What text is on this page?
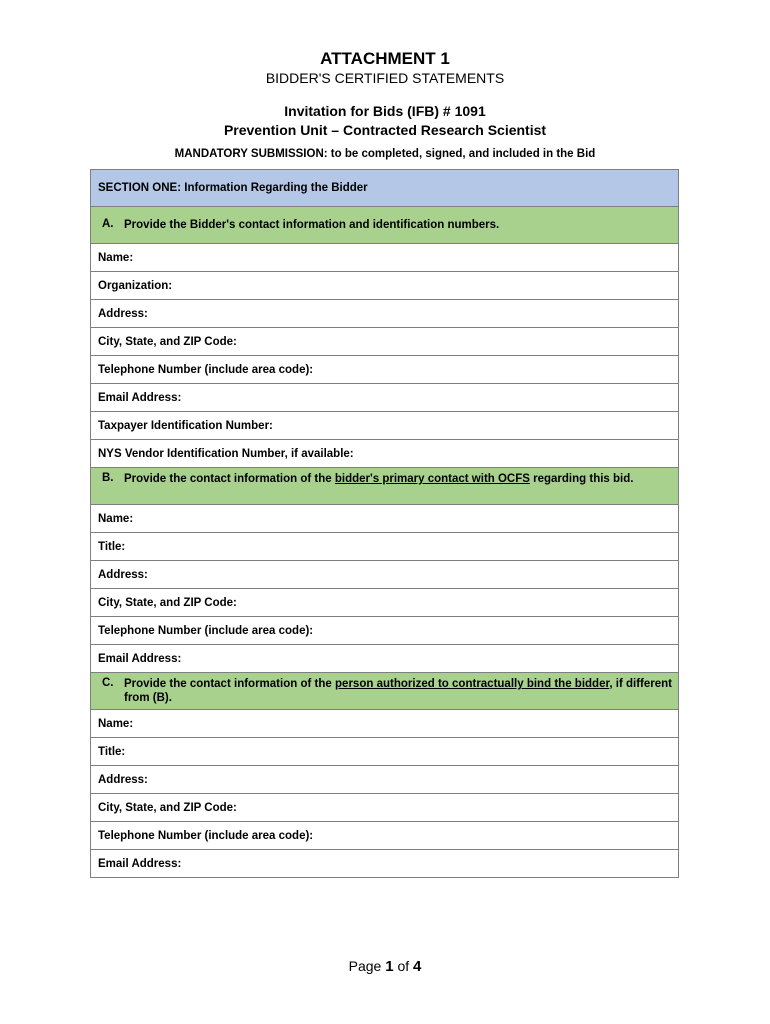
ATTACHMENT 1
BIDDER'S CERTIFIED STATEMENTS
Invitation for Bids (IFB) # 1091
Prevention Unit – Contracted Research Scientist
MANDATORY SUBMISSION: to be completed, signed, and included in the Bid
SECTION ONE: Information Regarding the Bidder
A. Provide the Bidder's contact information and identification numbers.
Name:
Organization:
Address:
City, State, and ZIP Code:
Telephone Number (include area code):
Email Address:
Taxpayer Identification Number:
NYS Vendor Identification Number, if available:
B. Provide the contact information of the bidder's primary contact with OCFS regarding this bid.
Name:
Title:
Address:
City, State, and ZIP Code:
Telephone Number (include area code):
Email Address:
C. Provide the contact information of the person authorized to contractually bind the bidder, if different from (B).
Name:
Title:
Address:
City, State, and ZIP Code:
Telephone Number (include area code):
Email Address:
Page 1 of 4
